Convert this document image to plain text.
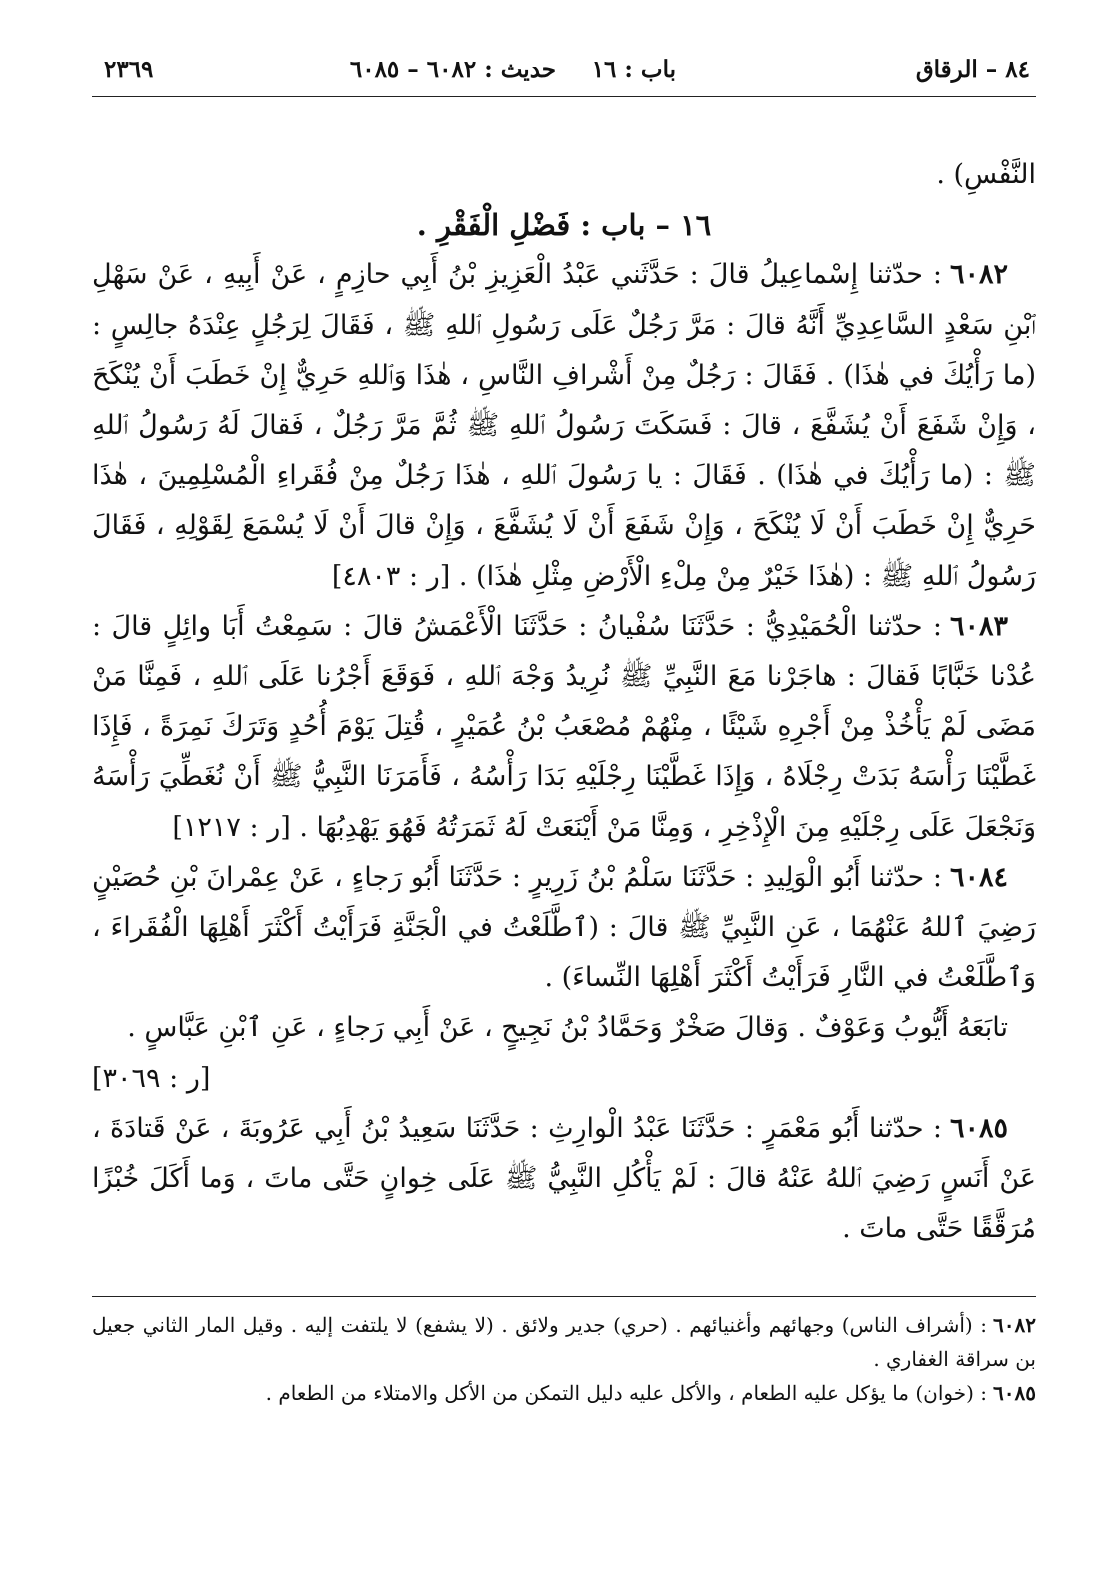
٨٤ – الرقاق
باب : ١٦
حديث : ٦٠٨٢ – ٦٠٨٥
٢٣٦٩

النَّفْسِ) .

١٦ – باب : فَضْلِ الْفَقْرِ .

٦٠٨٢: حدّثنا إِسْماعِيلُ قالَ : حَدَّثَني عَبْدُ الْعَزِيزِ بْنُ أَبِي حازِمٍ ، عَنْ أَبِيهِ ، عَنْ سَهْلِ ٱبْنِ سَعْدٍ السَّاعِدِيِّ أَنَّهُ قالَ : مَرَّ رَجُلٌ عَلَى رَسُولِ ٱللهِ ﷺ ، فَقَالَ لِرَجُلٍ عِنْدَهُ جالِسٍ : (ما رَأْيُكَ في هٰذَا) . فَقَالَ : رَجُلٌ مِنْ أَشْرافِ النَّاسِ ، هٰذَا وَٱللهِ حَرِيٌّ إِنْ خَطَبَ أَنْ يُنْكَحَ ، وَإِنْ شَفَعَ أَنْ يُشَفَّعَ ، قالَ : فَسَكَتَ رَسُولُ ٱللهِ ﷺ ثُمَّ مَرَّ رَجُلٌ ، فَقالَ لَهُ رَسُولُ ٱللهِ ﷺ : (ما رَأْيُكَ في هٰذَا) . فَقَالَ : يا رَسُولَ ٱللهِ ، هٰذَا رَجُلٌ مِنْ فُقَراءِ الْمُسْلِمِينَ ، هٰذَا حَرِيٌّ إِنْ خَطَبَ أَنْ لَا يُنْكَحَ ، وَإِنْ شَفَعَ أَنْ لَا يُشَفَّعَ ، وَإِنْ قالَ أَنْ لَا يُسْمَعَ لِقَوْلِهِ ، فَقَالَ رَسُولُ ٱللهِ ﷺ : (هٰذَا خَيْرٌ مِنْ مِلْءِ الْأَرْضِ مِثْلِ هٰذَا) . [ر : ٤٨٠٣]

٦٠٨٣: حدّثنا الْحُمَيْدِيُّ : حَدَّثَنَا سُفْيانُ : حَدَّثَنَا الْأَعْمَشُ قالَ : سَمِعْتُ أَبَا وائِلٍ قالَ : عُدْنا خَبَّابًا فَقالَ : هاجَرْنا مَعَ النَّبِيِّ ﷺ نُرِيدُ وَجْهَ ٱللهِ ، فَوَقَعَ أَجْرُنا عَلَى ٱللهِ ، فَمِنَّا مَنْ مَضَى لَمْ يَأْخُذْ مِنْ أَجْرِهِ شَيْئًا ، مِنْهُمْ مُصْعَبُ بْنُ عُمَيْرٍ ، قُتِلَ يَوْمَ أُحُدٍ وَتَرَكَ نَمِرَةً ، فَإِذَا غَطَّيْنَا رَأْسَهُ بَدَتْ رِجْلَاهُ ، وَإِذَا غَطَّيْنَا رِجْلَيْهِ بَدَا رَأْسُهُ ، فَأَمَرَنَا النَّبِيُّ ﷺ أَنْ نُغَطِّيَ رَأْسَهُ وَنَجْعَلَ عَلَى رِجْلَيْهِ مِنَ الْإِذْخِرِ ، وَمِنَّا مَنْ أَيْنَعَتْ لَهُ ثَمَرَتُهُ فَهُوَ يَهْدِبُهَا . [ر : ١٢١٧]

٦٠٨٤: حدّثنا أَبُو الْوَلِيدِ : حَدَّثَنَا سَلْمُ بْنُ زَرِيرٍ : حَدَّثَنَا أَبُو رَجاءٍ ، عَنْ عِمْرانَ بْنِ حُصَيْنٍ رَضِيَ ٱللهُ عَنْهُمَا ، عَنِ النَّبِيِّ ﷺ قالَ : (ٱطَّلَعْتُ في الْجَنَّةِ فَرَأَيْتُ أَكْثَرَ أَهْلِهَا الْفُقَراءَ ، وَٱطَّلَعْتُ في النَّارِ فَرَأَيْتُ أَكْثَرَ أَهْلِهَا النِّساءَ) .

تابَعَهُ أَيُّوبُ وَعَوْفٌ . وَقالَ صَخْرٌ وَحَمَّادُ بْنُ نَجِيحٍ ، عَنْ أَبِي رَجاءٍ ، عَنِ ٱبْنِ عَبَّاسٍ .

[ر : ٣٠٦٩]

٦٠٨٥: حدّثنا أَبُو مَعْمَرٍ : حَدَّثَنَا عَبْدُ الْوارِثِ : حَدَّثَنَا سَعِيدُ بْنُ أَبِي عَرُوبَةَ ، عَنْ قَتادَةَ ، عَنْ أَنَسٍ رَضِيَ ٱللهُ عَنْهُ قالَ : لَمْ يَأْكُلِ النَّبِيُّ ﷺ عَلَى خِوانٍ حَتَّى ماتَ ، وَما أَكَلَ خُبْزًا مُرَقَّقًا حَتَّى ماتَ .

٦٠٨٢: (أشراف الناس) وجهائهم وأغنيائهم . (حري) جدير ولائق . (لا يشفع) لا يلتفت إليه . وقيل المار الثاني جعيل بن سراقة الغفاري .

٦٠٨٥: (خوان) ما يؤكل عليه الطعام ، والأكل عليه دليل التمكن من الأكل والامتلاء من الطعام .
